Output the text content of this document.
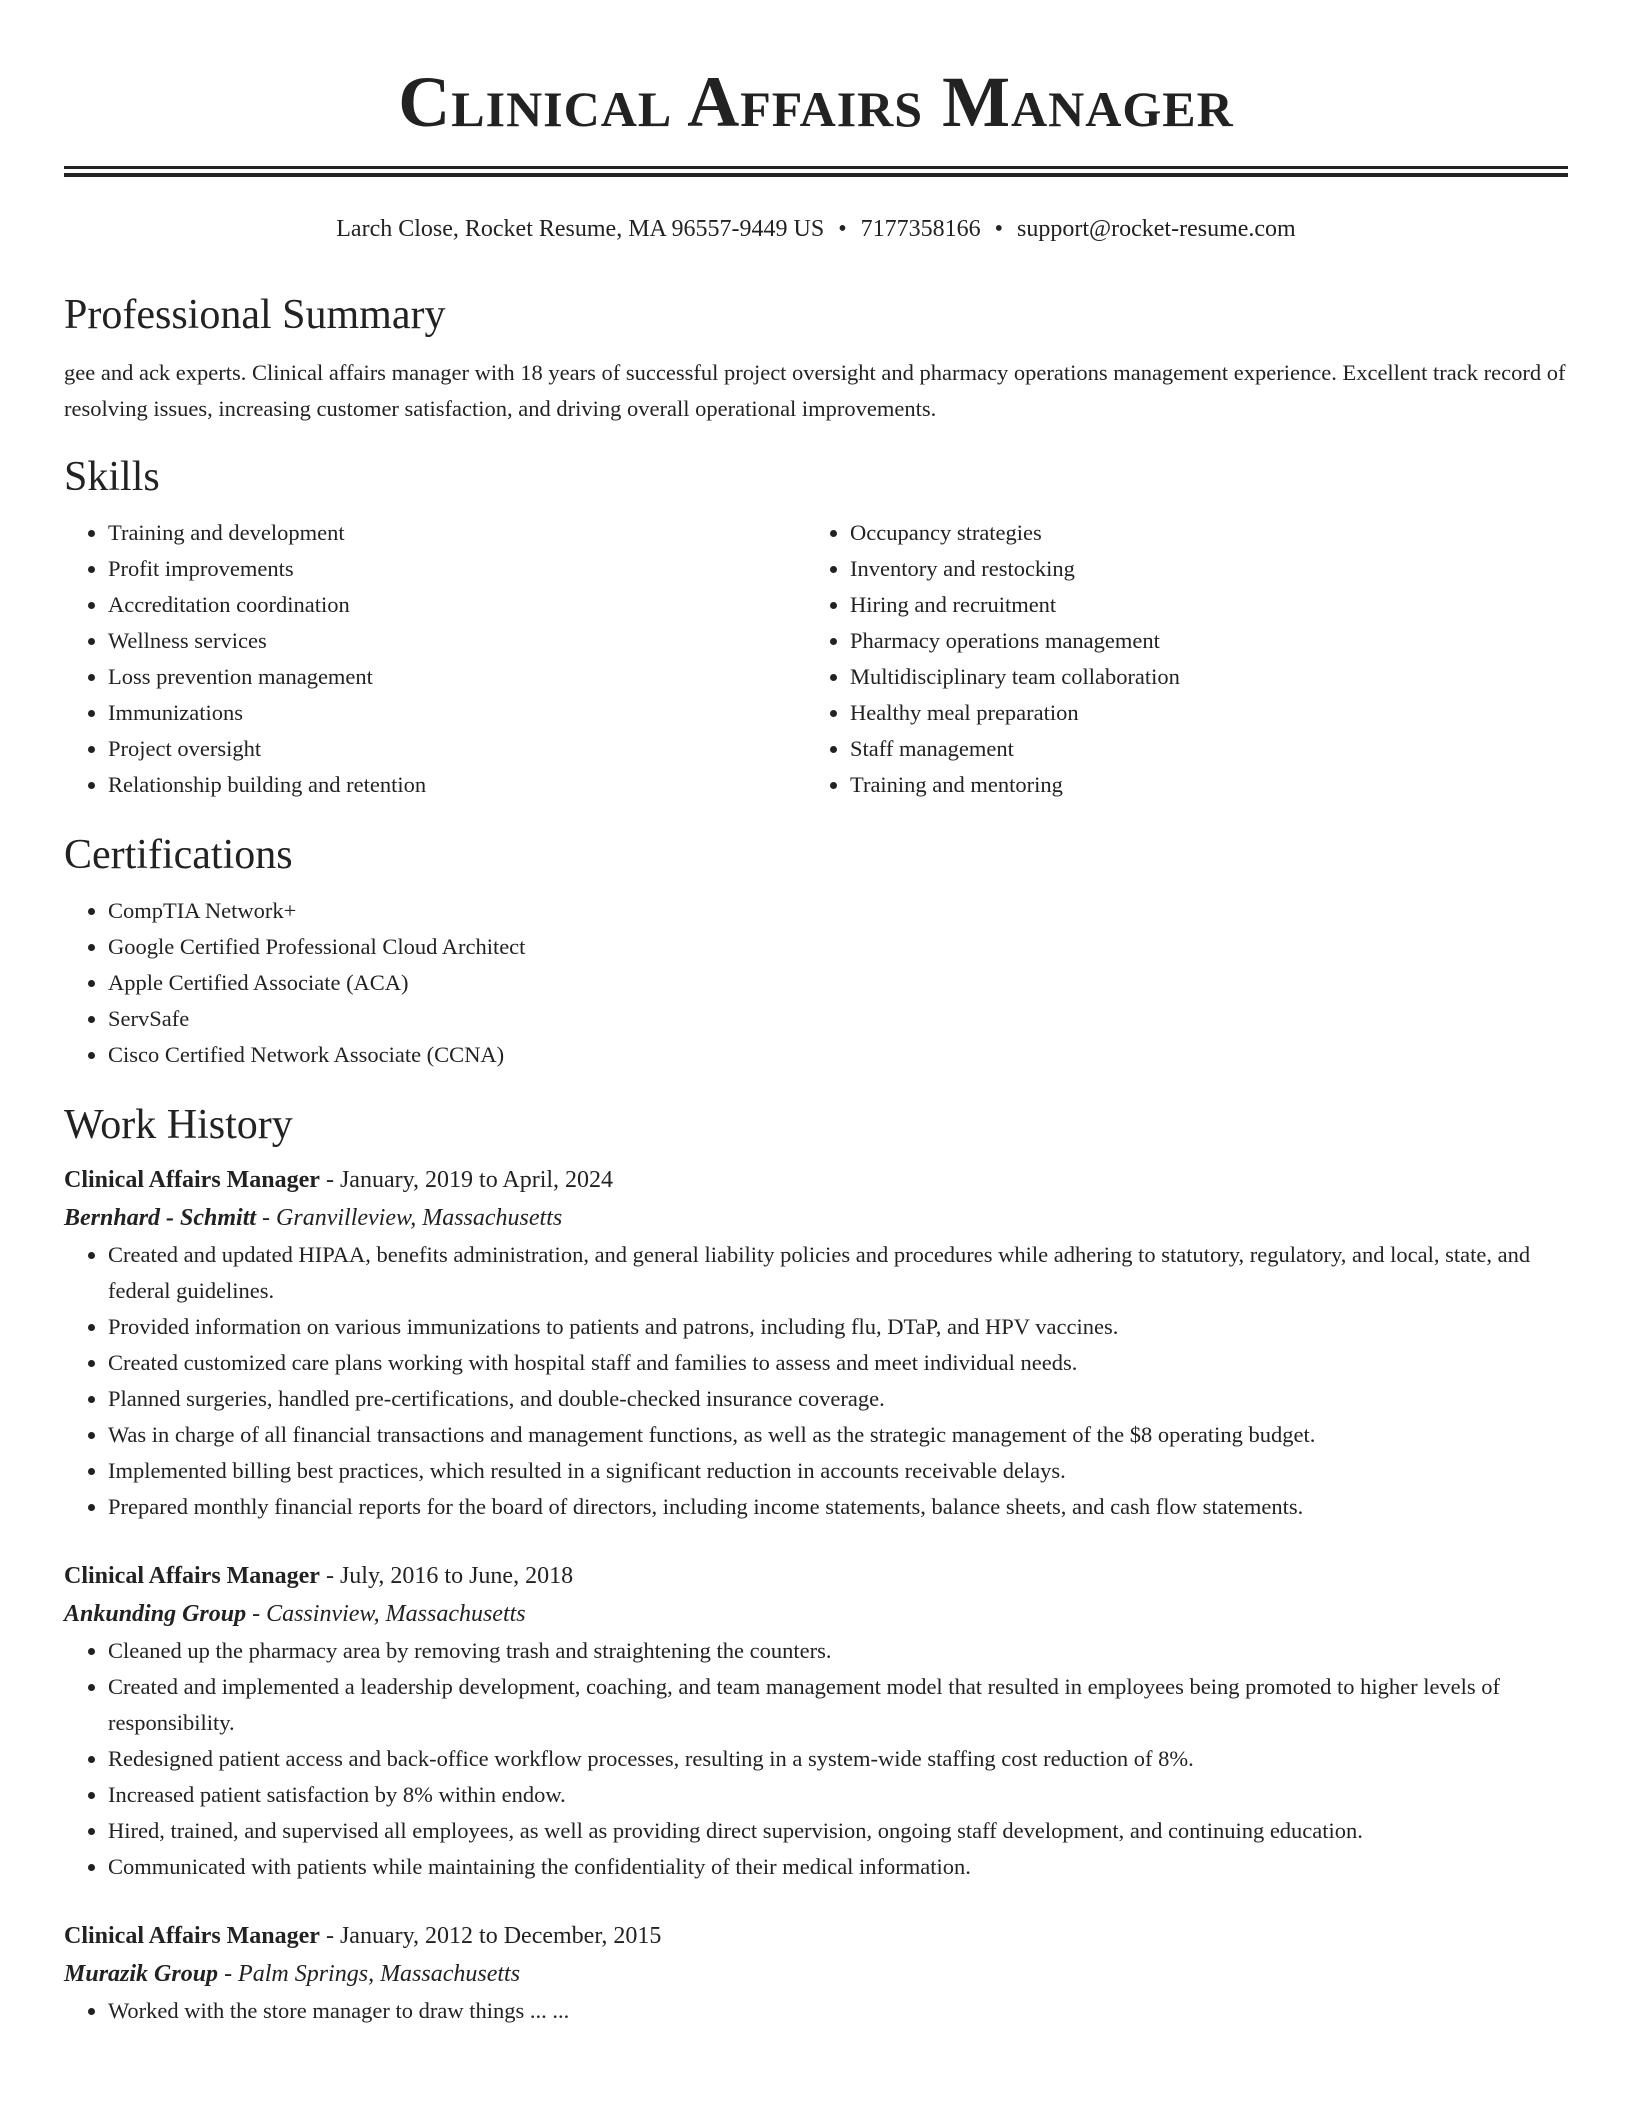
Clinical Affairs Manager
Larch Close, Rocket Resume, MA 96557-9449 US • 7177358166 • support@rocket-resume.com
Professional Summary

gee and ack experts. Clinical affairs manager with 18 years of successful project oversight and pharmacy operations management experience. Excellent track record of resolving issues, increasing customer satisfaction, and driving overall operational improvements.

Skills
• Training and development
• Profit improvements
• Accreditation coordination
• Wellness services
• Loss prevention management
• Immunizations
• Project oversight
• Relationship building and retention
• Occupancy strategies
• Inventory and restocking
• Hiring and recruitment
• Pharmacy operations management
• Multidisciplinary team collaboration
• Healthy meal preparation
• Staff management
• Training and mentoring
Certifications
• CompTIA Network+
• Google Certified Professional Cloud Architect
• Apple Certified Associate (ACA)
• ServSafe
• Cisco Certified Network Associate (CCNA)
Work History
Clinical Affairs Manager - January, 2019 to April, 2024
Bernhard - Schmitt - Granvilleview, Massachusetts
• Created and updated HIPAA, benefits administration, and general liability policies and procedures while adhering to statutory, regulatory, and local, state, and federal guidelines.
• Provided information on various immunizations to patients and patrons, including flu, DTaP, and HPV vaccines.
• Created customized care plans working with hospital staff and families to assess and meet individual needs.
• Planned surgeries, handled pre-certifications, and double-checked insurance coverage.
• Was in charge of all financial transactions and management functions, as well as the strategic management of the $8 operating budget.
• Implemented billing best practices, which resulted in a significant reduction in accounts receivable delays.
• Prepared monthly financial reports for the board of directors, including income statements, balance sheets, and cash flow statements.
Clinical Affairs Manager - July, 2016 to June, 2018
Ankunding Group - Cassinview, Massachusetts
• Cleaned up the pharmacy area by removing trash and straightening the counters.
• Created and implemented a leadership development, coaching, and team management model that resulted in employees being promoted to higher levels of responsibility.
• Redesigned patient access and back-office workflow processes, resulting in a system-wide staffing cost reduction of 8%.
• Increased patient satisfaction by 8% within endow.
• Hired, trained, and supervised all employees, as well as providing direct supervision, ongoing staff development, and continuing education.
• Communicated with patients while maintaining the confidentiality of their medical information.
Clinical Affairs Manager - January, 2012 to December, 2015
Murazik Group - Palm Springs, Massachusetts
• Worked with the store manager to draw things ... ...
